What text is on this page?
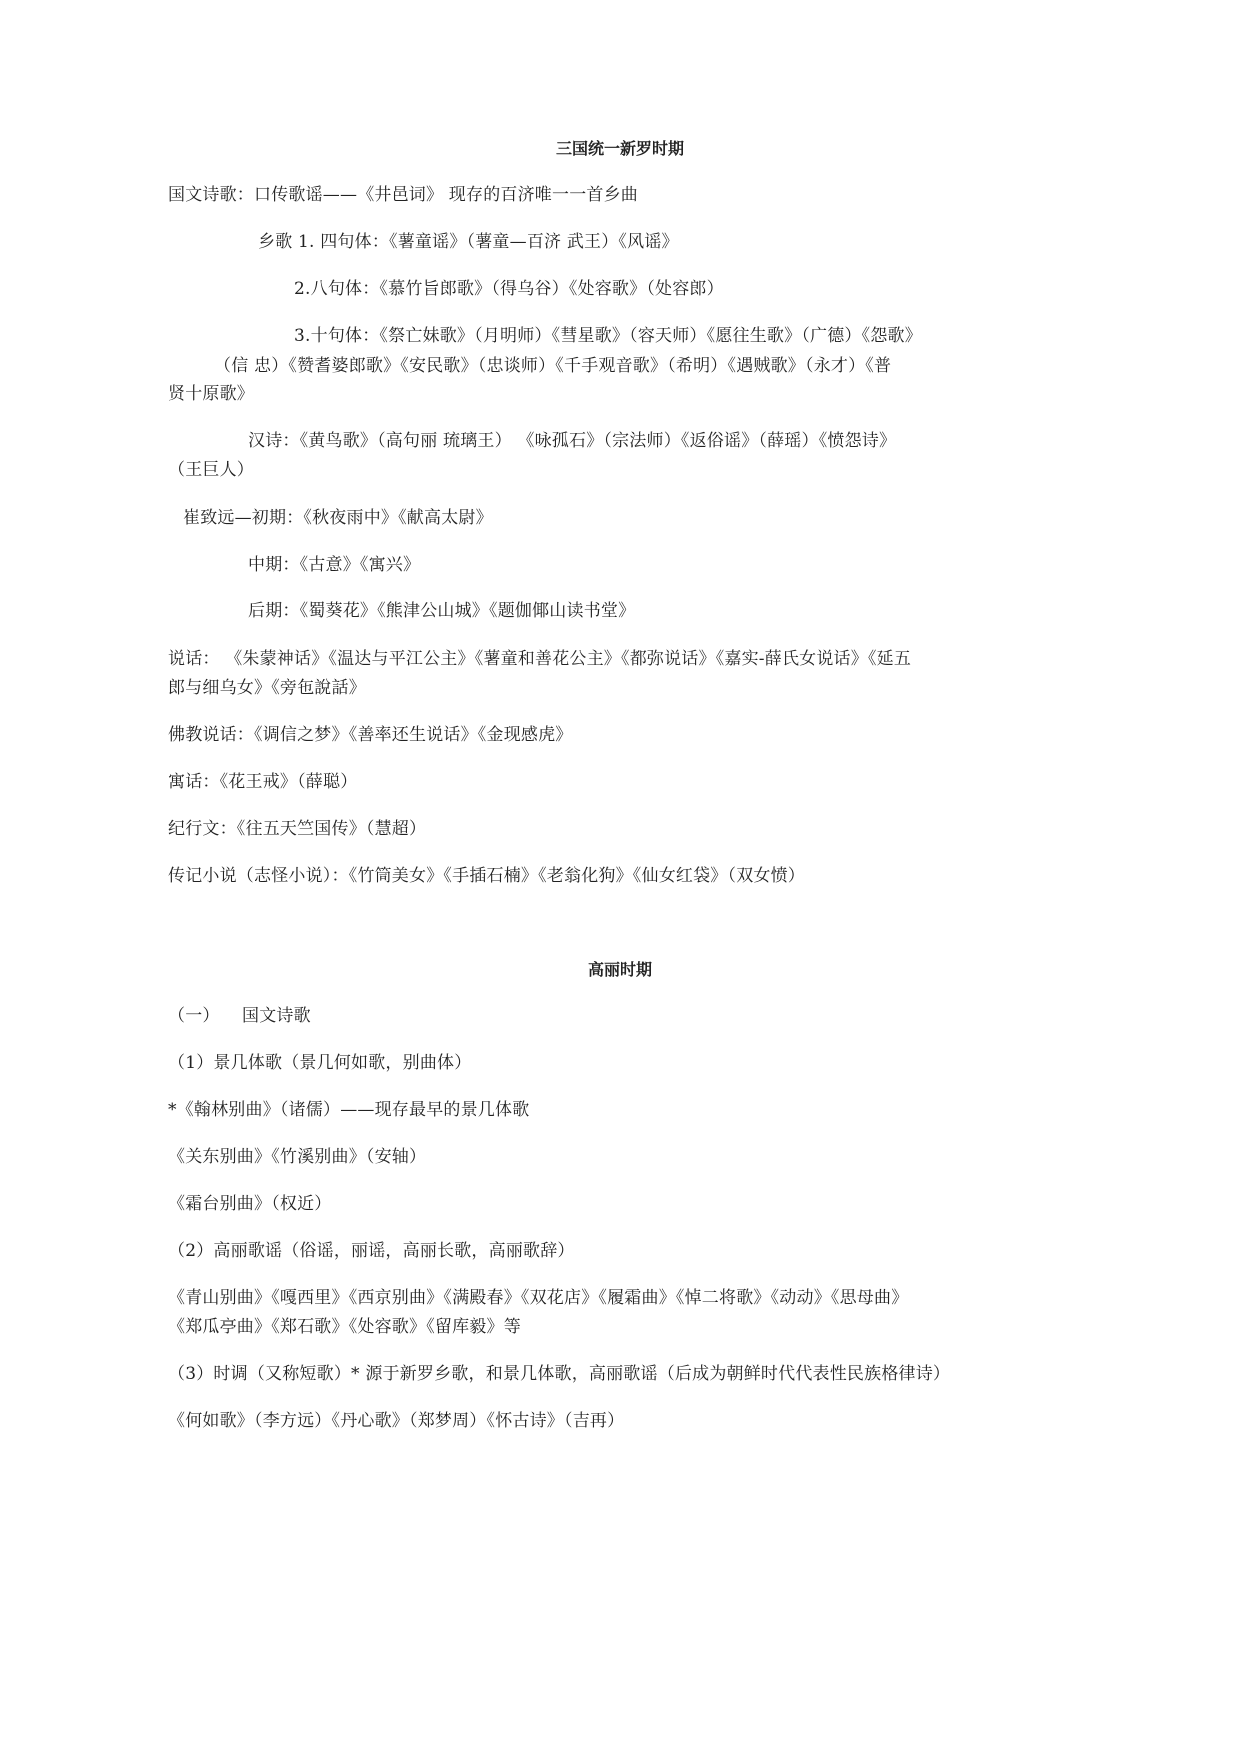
三国统一新罗时期
国文诗歌：口传歌谣——《井邑词》 现存的百济唯一一首乡曲
乡歌 1. 四句体：《薯童谣》（薯童—百济 武王）《风谣》
2.八句体：《慕竹旨郎歌》（得乌谷）《处容歌》（处容郎）
3.十句体：《祭亡妹歌》（月明师）《彗星歌》（容天师）《愿往生歌》（广德）《怨歌》
（信 忠）《赞耆婆郎歌》《安民歌》（忠谈师）《千手观音歌》（希明）《遇贼歌》（永才）《普
贤十原歌》
汉诗：《黄鸟歌》（高句丽 琉璃王） 《咏孤石》（宗法师）《返俗谣》（薛瑶）《愤怨诗》
（王巨人）
崔致远—初期：《秋夜雨中》《献高太尉》
中期：《古意》《寓兴》
后期：《蜀葵花》《熊津公山城》《题伽倻山读书堂》
说话： 《朱蒙神话》《温达与平江公主》《薯童和善花公主》《都弥说话》《嘉实-薛氏女说话》《延五
郎与细乌女》《旁㐌說話》
佛教说话：《调信之梦》《善率还生说话》《金现感虎》
寓话：《花王戒》（薛聪）
纪行文：《往五天竺国传》（慧超）
传记小说（志怪小说）：《竹筒美女》《手插石楠》《老翁化狗》《仙女红袋》（双女愤）
高丽时期
（一）    国文诗歌
（1）景几体歌（景几何如歌，别曲体）
*《翰林别曲》（诸儒）——现存最早的景几体歌
《关东别曲》《竹溪别曲》（安轴）
《霜台别曲》（权近）
（2）高丽歌谣（俗谣，丽谣，高丽长歌，高丽歌辞）
《青山别曲》《嘎西里》《西京别曲》《满殿春》《双花店》《履霜曲》《悼二将歌》《动动》《思母曲》
《郑瓜亭曲》《郑石歌》《处容歌》《留库毅》等
（3）时调（又称短歌）* 源于新罗乡歌，和景几体歌，高丽歌谣（后成为朝鲜时代代表性民族格律诗）
《何如歌》（李方远）《丹心歌》（郑梦周）《怀古诗》（吉再）
